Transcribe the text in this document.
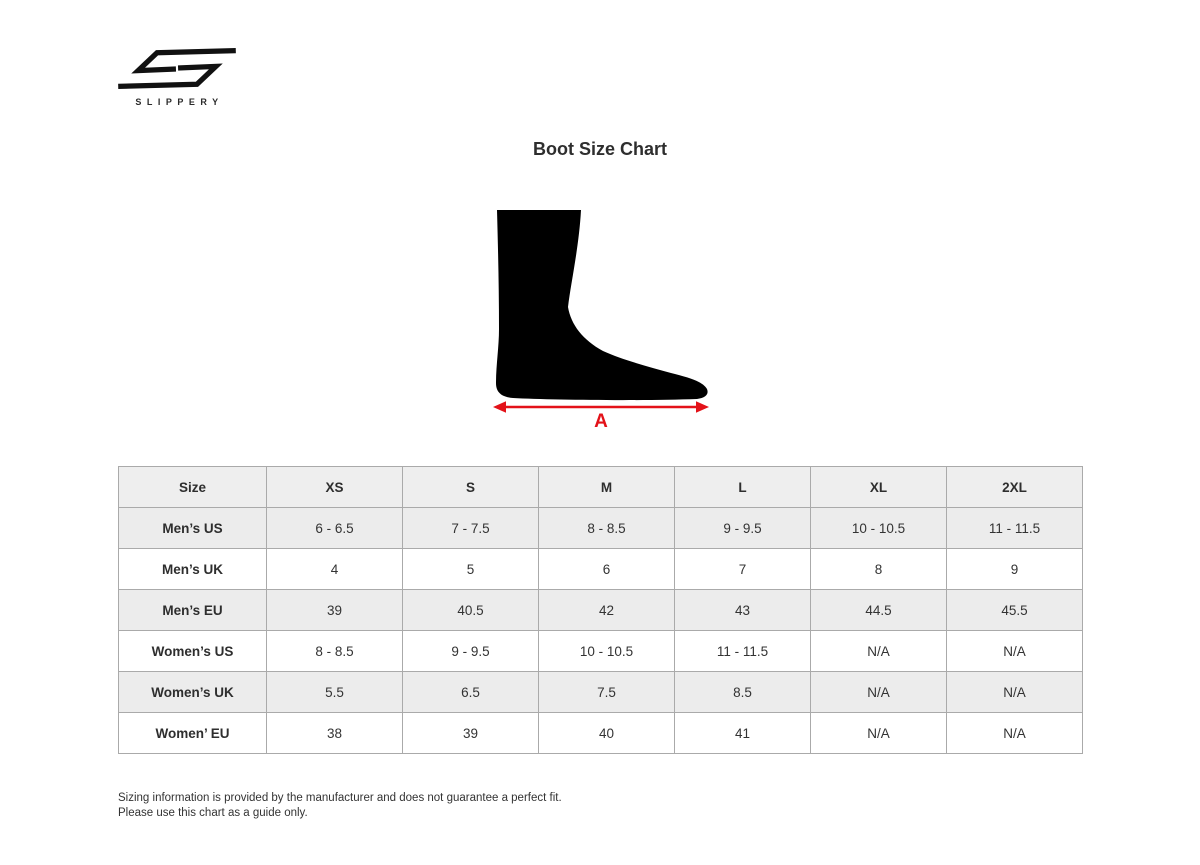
SLIPPERY
Boot Size Chart
A
Size	XS	S	M	L	XL	2XL
Men’s US	6 - 6.5	7 - 7.5	8 - 8.5	9 - 9.5	10 - 10.5	11 - 11.5
Men’s UK	4	5	6	7	8	9
Men’s EU	39	40.5	42	43	44.5	45.5
Women’s US	8 - 8.5	9 - 9.5	10 - 10.5	11 - 11.5	N/A	N/A
Women’s UK	5.5	6.5	7.5	8.5	N/A	N/A
Women’ EU	38	39	40	41	N/A	N/A
Sizing information is provided by the manufacturer and does not guarantee a perfect fit.
Please use this chart as a guide only.
